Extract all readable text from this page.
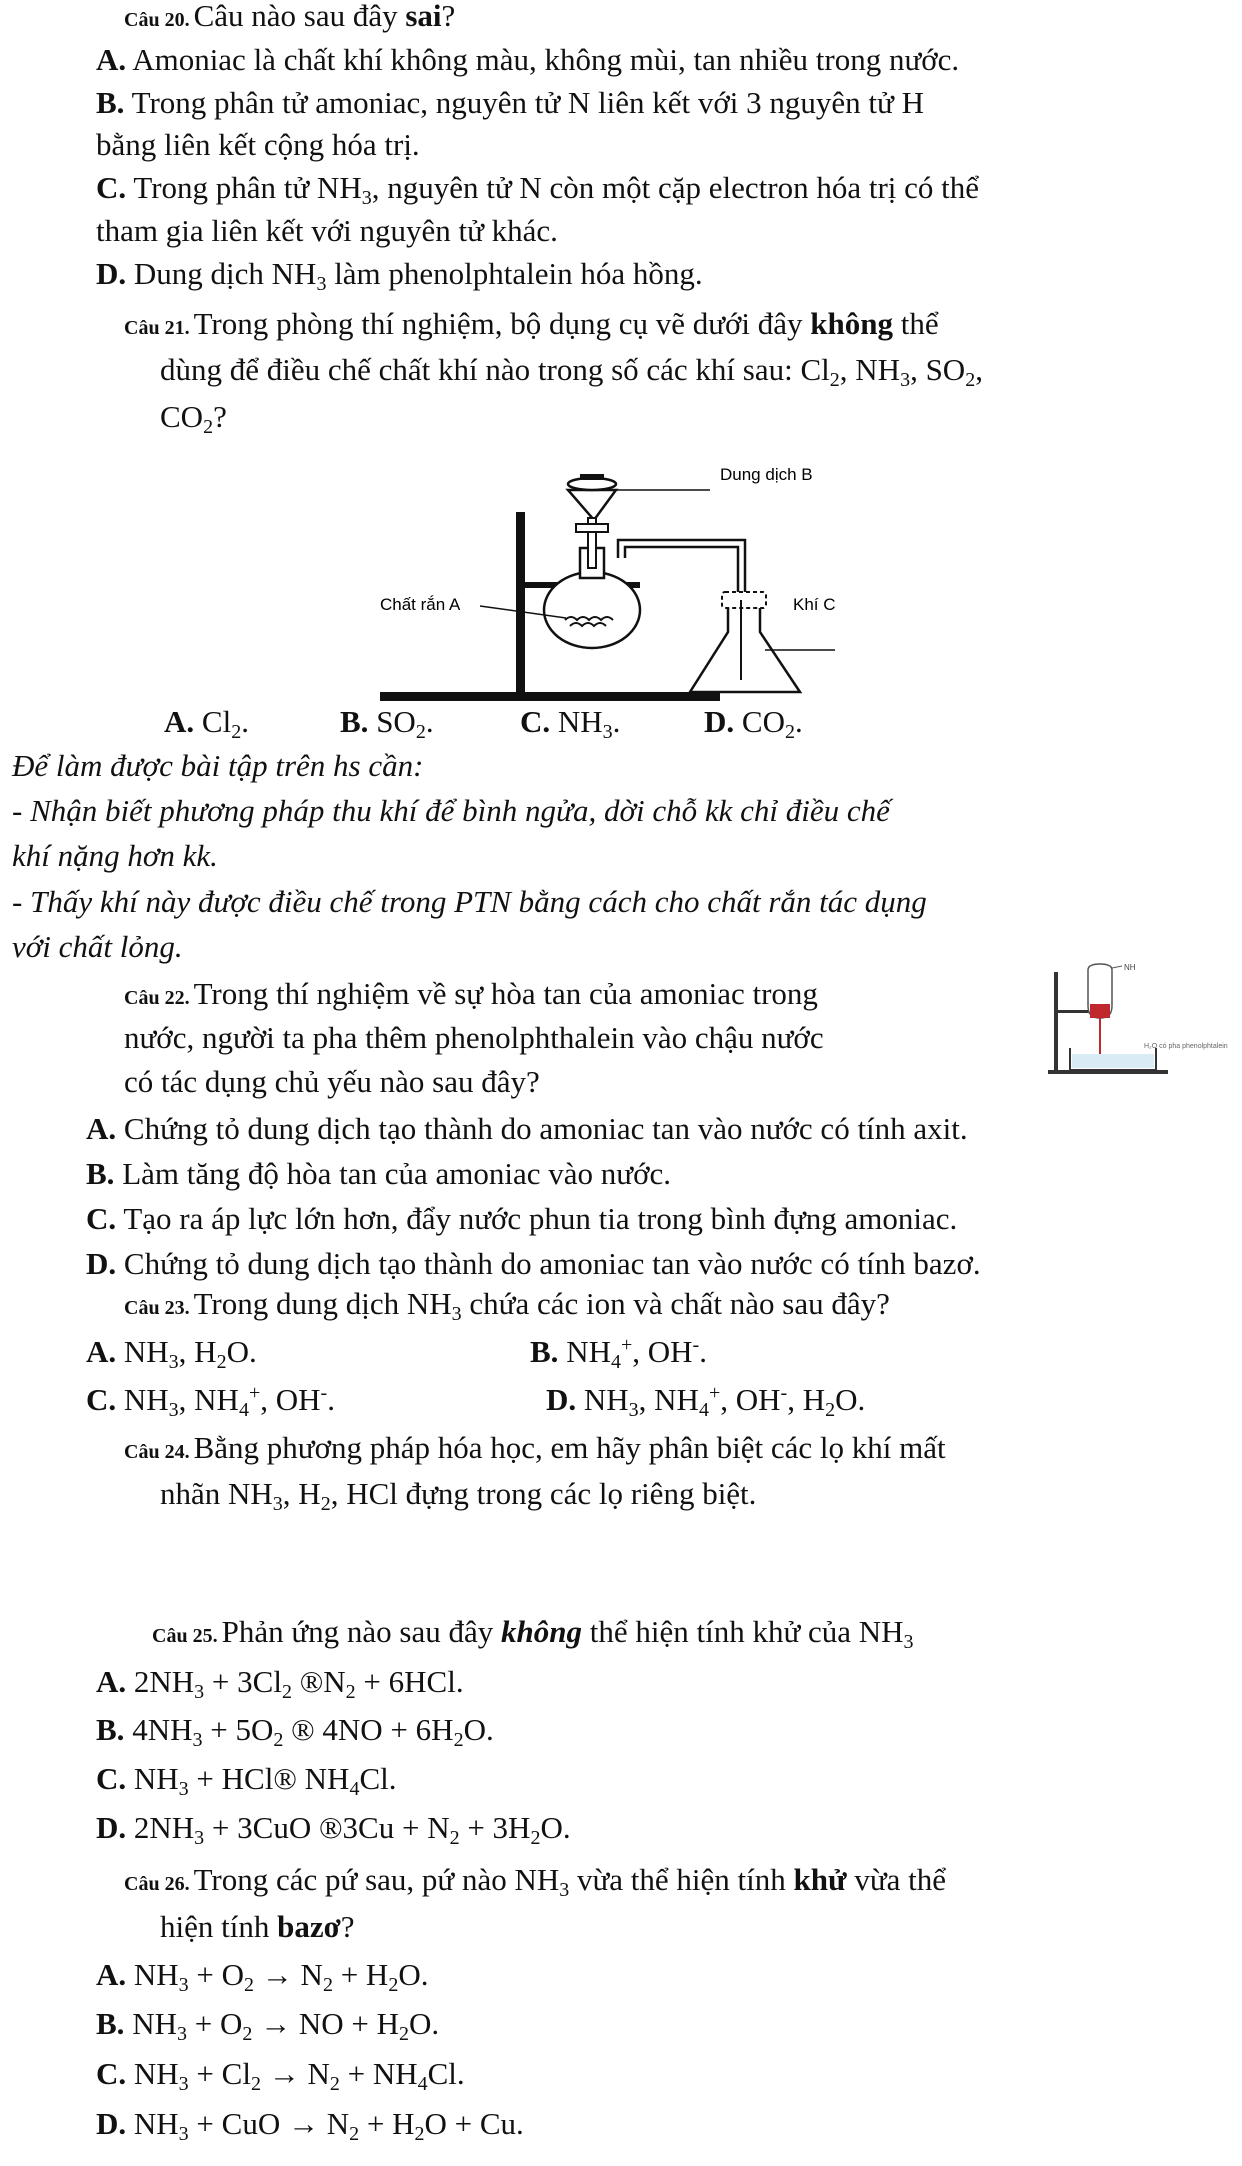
Câu 20. Câu nào sau đây sai?
A. Amoniac là chất khí không màu, không mùi, tan nhiều trong nước.
B. Trong phân tử amoniac, nguyên tử N liên kết với 3 nguyên tử H
bằng liên kết cộng hóa trị.
C. Trong phân tử $NH_3$, nguyên tử N còn một cặp electron hóa trị có thể
tham gia liên kết với nguyên tử khác.
D. Dung dịch $NH_3$ làm phenolphtalein hóa hồng.
Câu 21. Trong phòng thí nghiệm, bộ dụng cụ vẽ dưới đây không thể
dùng để điều chế chất khí nào trong số các khí sau: $Cl_2$, $NH_3$, $SO_2$,
$CO_2$?
Dung dịch B
Chất rắn A	Khí C
A. $Cl_2$.	B. $SO_2$.	C. $NH_3$.	D. $CO_2$.
Để làm được bài tập trên hs cần:
- Nhận biết phương pháp thu khí để bình ngửa, dời chỗ kk chỉ điều chế
khí nặng hơn kk.
- Thấy khí này được điều chế trong PTN bằng cách cho chất rắn tác dụng
với chất lỏng.
Câu 22. Trong thí nghiệm về sự hòa tan của amoniac trong
nước, người ta pha thêm phenolphthalein vào chậu nước
có tác dụng chủ yếu nào sau đây?
NH
H₂O có pha phenolphtalein
A. Chứng tỏ dung dịch tạo thành do amoniac tan vào nước có tính axit.
B. Làm tăng độ hòa tan của amoniac vào nước.
C. Tạo ra áp lực lớn hơn, đẩy nước phun tia trong bình đựng amoniac.
D. Chứng tỏ dung dịch tạo thành do amoniac tan vào nước có tính bazơ.
Câu 23. Trong dung dịch $NH_3$ chứa các ion và chất nào sau đây?
A. $NH_3$, $H_2O$.	B. $NH_4^+$, OH-.
C. $NH_3$, $NH_4^+$, OH-.	D. $NH_3$, $NH_4^+$, OH-, $H_2O$.
Câu 24. Bằng phương pháp hóa học, em hãy phân biệt các lọ khí mất
nhãn $NH_3$, $H_2$, HCl đựng trong các lọ riêng biệt.
Câu 25. Phản ứng nào sau đây không thể hiện tính khử của $NH_3$
A. $2NH_3 + 3Cl_2$ $®N_2 + 6HCl$.
B. $4NH_3 + 5O_2$ ® $4NO + 6H_2O$.
C. $NH_3$ + HCl® $NH_4Cl$.
D. $2NH_3 + 3CuO$ ®3Cu + $N_2 + 3H_2O$.
Câu 26. Trong các pứ sau, pứ nào $NH_3$ vừa thể hiện tính khử vừa thể
hiện tính bazơ?
A. $NH_3 + O_2 \to N_2 + H_2O$.
B. $NH_3 + O_2$ → NO + $H_2O$.
C. $NH_3 + Cl_2 \to N_2 + NH_4Cl$.
D. $NH_3$ + CuO → $N_2 + H_2O + Cu$.
